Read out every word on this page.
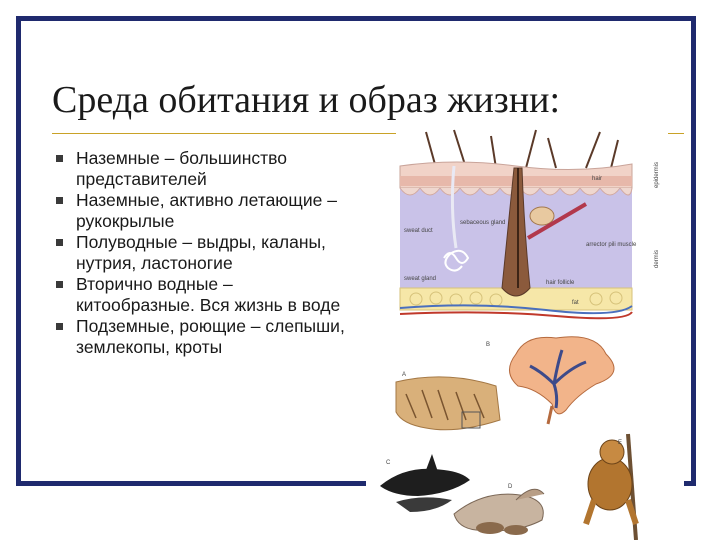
Среда обитания и образ жизни:
Наземные – большинство представителей
Наземные, активно летающие – рукокрылые
Полуводные – выдры, каланы, нутрия, ластоногие
Вторично водные – китообразные. Вся жизнь в воде
Подземные, роющие – слепыши, землекопы, кроты
hair	epidermis
sebaceous gland
sweat duct
arrector pili muscle
dermis
sweat gland
hair follicle
fat
B
A
C
D
E
